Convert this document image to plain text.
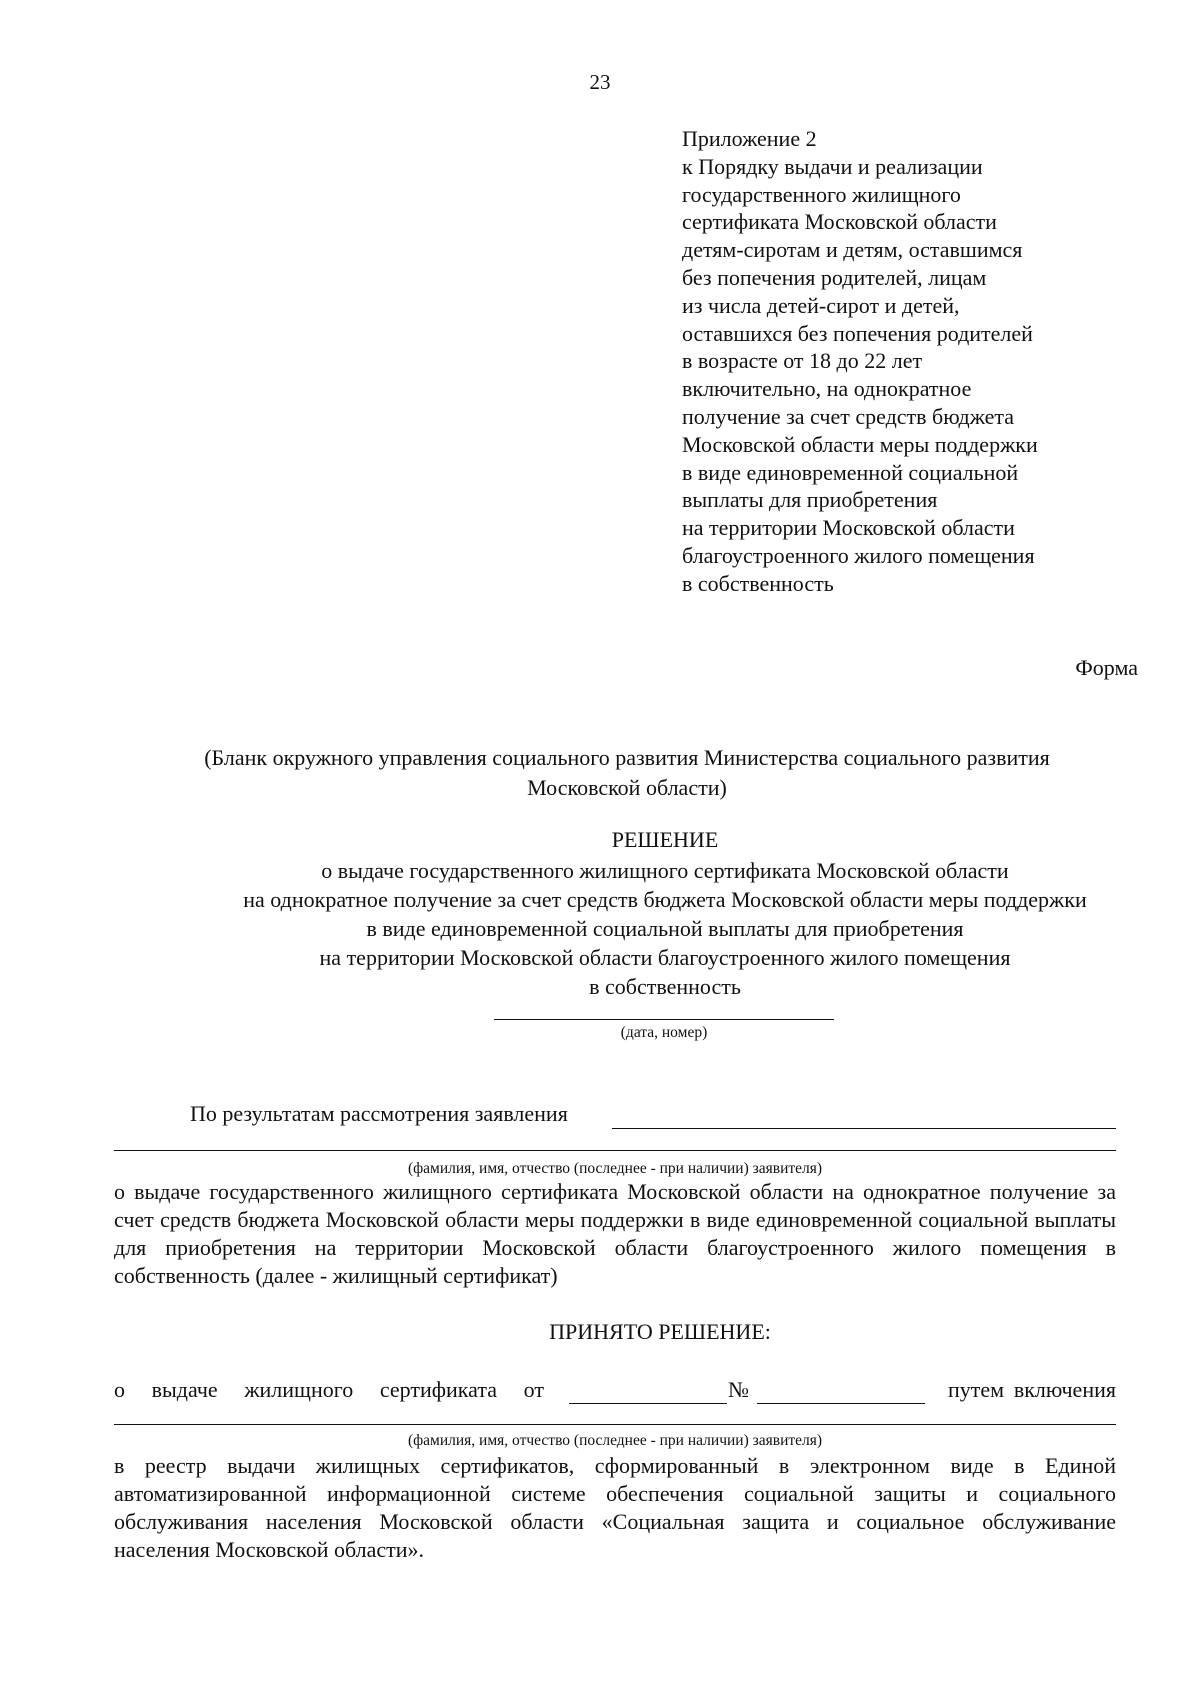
23
Приложение 2
к Порядку выдачи и реализации
государственного жилищного
сертификата Московской области
детям-сиротам и детям, оставшимся
без попечения родителей, лицам
из числа детей-сирот и детей,
оставшихся без попечения родителей
в возрасте от 18 до 22 лет
включительно, на однократное
получение за счет средств бюджета
Московской области меры поддержки
в виде единовременной социальной
выплаты для приобретения
на территории Московской области
благоустроенного жилого помещения
в собственность
Форма
(Бланк окружного управления социального развития Министерства социального развития
Московской области)
РЕШЕНИЕ
о выдаче государственного жилищного сертификата Московской области
на однократное получение за счет средств бюджета Московской области меры поддержки
в виде единовременной социальной выплаты для приобретения
на территории Московской области благоустроенного жилого помещения
в собственность
(дата, номер)
По результатам рассмотрения заявления
(фамилия, имя, отчество (последнее - при наличии) заявителя)
о выдаче государственного жилищного сертификата Московской области на однократное получение за счет средств бюджета Московской области меры поддержки в виде единовременной социальной выплаты для приобретения на территории Московской области благоустроенного жилого помещения в собственность (далее - жилищный сертификат)
ПРИНЯТО РЕШЕНИЕ:
о выдаче жилищного сертификата от	№	путем включения
(фамилия, имя, отчество (последнее - при наличии) заявителя)
в реестр выдачи жилищных сертификатов, сформированный в электронном виде в Единой автоматизированной информационной системе обеспечения социальной защиты и социального обслуживания населения Московской области «Социальная защита и социальное обслуживание населения Московской области».
